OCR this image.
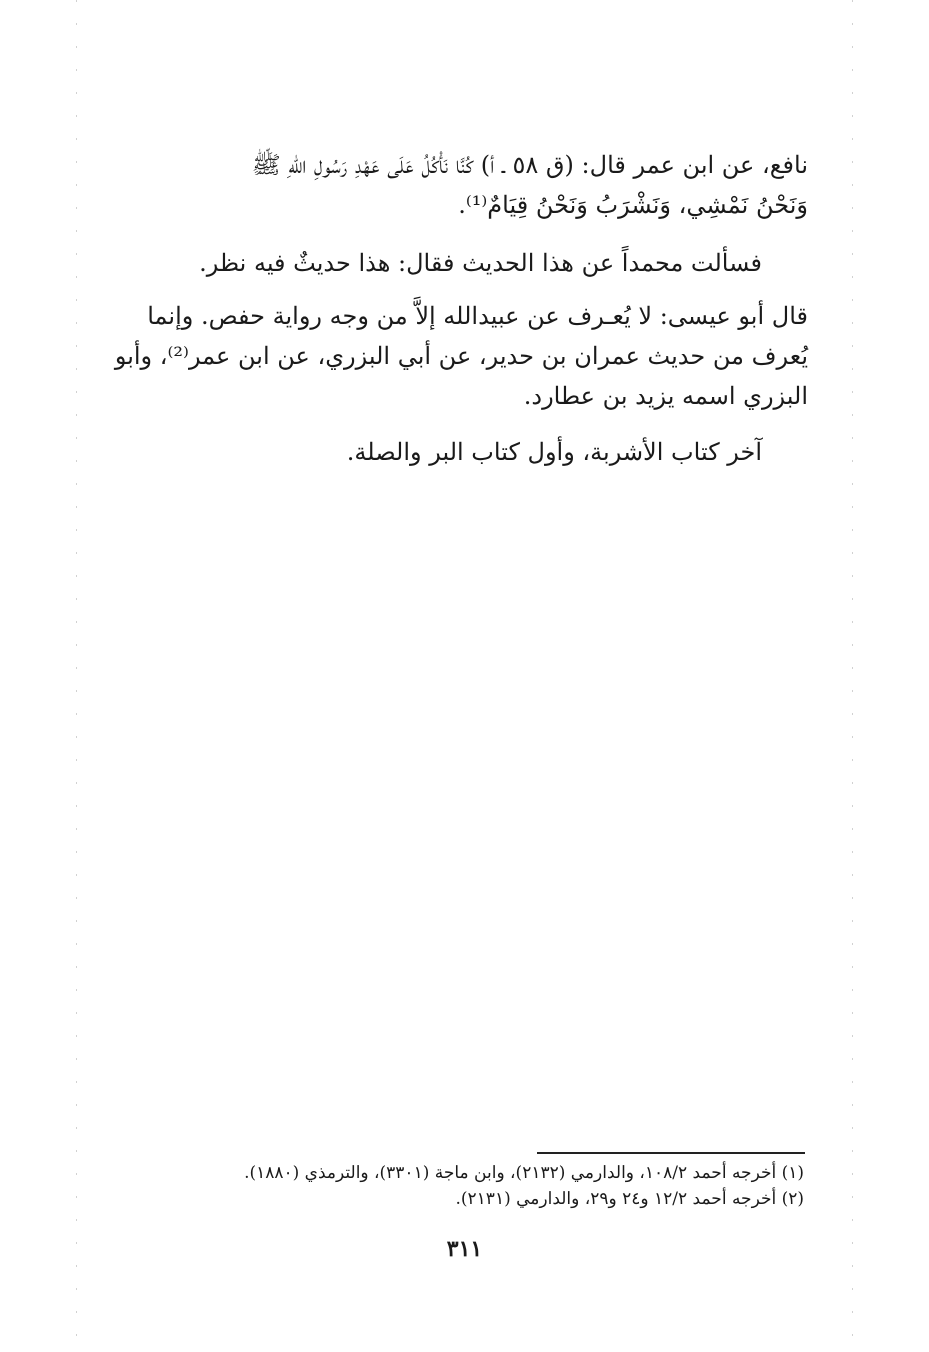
نافع، عن ابن عمر قال: (ق ٥٨ ـ أ) كُنَّا نَأْكُلُ عَلَى عَهْدِ رَسُولِ اللهِ ﷺ
وَنَحْنُ نَمْشِي، وَنَشْرَبُ وَنَحْنُ قِيَامٌ⁽¹⁾.
فسألت محمداً عن هذا الحديث فقال: هذا حديثٌ فيه نظر.
قال أبو عيسى: لا يُعـرف عن عبيدالله إلاَّ من وجه رواية حفص. وإنما
يُعرف من حديث عمران بن حدير، عن أبي البزري، عن ابن عمر⁽²⁾، وأبو
البزري اسمه يزيد بن عطارد.
آخر كتاب الأشربة، وأول كتاب البر والصلة.
(١) أخرجه أحمد ١٠٨/٢، والدارمي (٢١٣٢)، وابن ماجة (٣٣٠١)، والترمذي (١٨٨٠).
(٢) أخرجه أحمد ١٢/٢ و٢٤ و٢٩، والدارمي (٢١٣١).
٣١١
